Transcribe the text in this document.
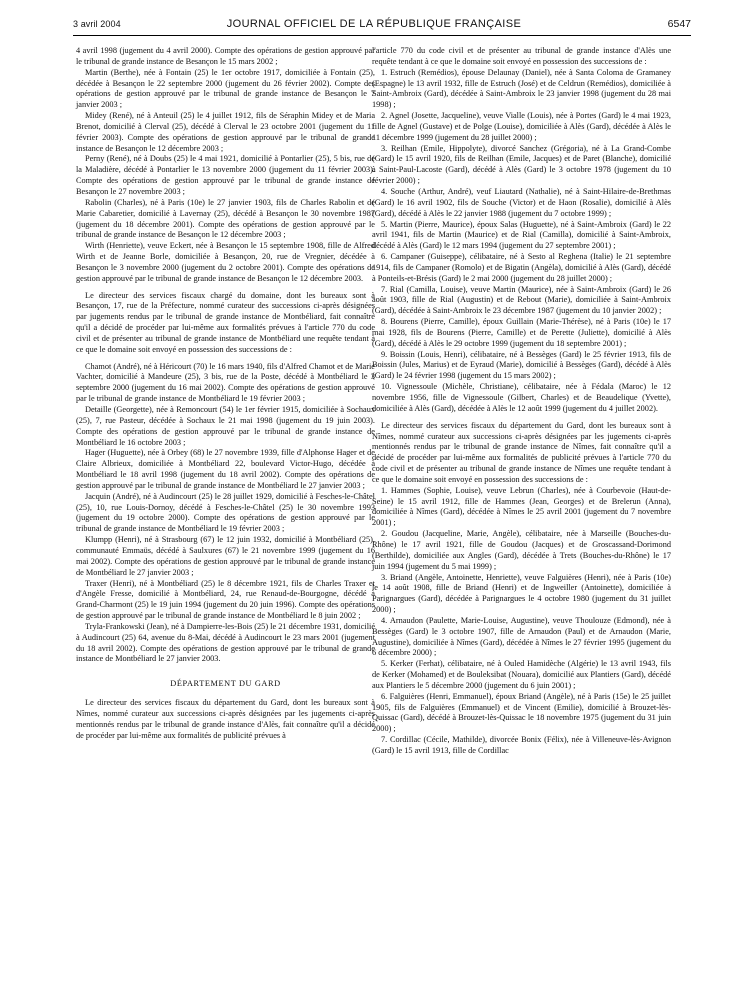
3 avril 2004	JOURNAL OFFICIEL DE LA RÉPUBLIQUE FRANÇAISE	6547

4 avril 1998 (jugement du 4 avril 2000). Compte des opérations de gestion approuvé par le tribunal de grande instance de Besançon le 15 mars 2002 ;

Martin (Berthe), née à Fontain (25) le 1er octobre 1917, domiciliée à Fontain (25), décédée à Besançon le 22 septembre 2000 (jugement du 26 février 2002). Compte des opérations de gestion approuvé par le tribunal de grande instance de Besançon le 7 janvier 2003 ;

Midey (René), né à Anteuil (25) le 4 juillet 1912, fils de Séraphin Midey et de Maria Brenot, domicilié à Clerval (25), décédé à Clerval le 23 octobre 2001 (jugement du 11 février 2003). Compte des opérations de gestion approuvé par le tribunal de grande instance de Besançon le 12 décembre 2003 ;

Perny (René), né à Doubs (25) le 4 mai 1921, domicilié à Pontarlier (25), 5 bis, rue de la Maladière, décédé à Pontarlier le 13 novembre 2000 (jugement du 11 février 2003). Compte des opérations de gestion approuvé par le tribunal de grande instance de Besançon le 27 novembre 2003 ;

Rabolin (Charles), né à Paris (10e) le 27 janvier 1903, fils de Charles Rabolin et de Marie Cabaretier, domicilié à Lavernay (25), décédé à Besançon le 30 novembre 1987 (jugement du 18 décembre 2001). Compte des opérations de gestion approuvé par le tribunal de grande instance de Besançon le 12 décembre 2003 ;

Wirth (Henriette), veuve Eckert, née à Besançon le 15 septembre 1908, fille de Alfred Wirth et de Jeanne Borle, domiciliée à Besançon, 20, rue de Vregnier, décédée à Besançon le 3 novembre 2000 (jugement du 2 octobre 2001). Compte des opérations de gestion approuvé par le tribunal de grande instance de Besançon le 12 décembre 2003.

Le directeur des services fiscaux chargé du domaine, dont les bureaux sont à Besançon, 17, rue de la Préfecture, nommé curateur des successions ci-après désignées par jugements rendus par le tribunal de grande instance de Montbéliard, fait connaître qu'il a décidé de procéder par lui-même aux formalités prévues à l'article 770 du code civil et de présenter au tribunal de grande instance de Montbéliard une requête tendant à ce que le domaine soit envoyé en possession des successions de :

Chamot (André), né à Héricourt (70) le 16 mars 1940, fils d'Alfred Chamot et de Marie Vachter, domicilié à Mandeure (25), 3 bis, rue de la Poste, décédé à Montbéliard le 3 septembre 2000 (jugement du 16 mai 2002). Compte des opérations de gestion approuvé par le tribunal de grande instance de Montbéliard le 19 février 2003 ;

Detaille (Georgette), née à Remoncourt (54) le 1er février 1915, domiciliée à Sochaux (25), 7, rue Pasteur, décédée à Sochaux le 21 mai 1998 (jugement du 19 juin 2003). Compte des opérations de gestion approuvé par le tribunal de grande instance de Montbéliard le 16 octobre 2003 ;

Hager (Huguette), née à Orbey (68) le 27 novembre 1939, fille d'Alphonse Hager et de Claire Albrieux, domiciliée à Montbéliard 22, boulevard Victor-Hugo, décédée à Montbéliard le 18 avril 1998 (jugement du 18 avril 2002). Compte des opérations de gestion approuvé par le tribunal de grande instance de Montbéliard le 27 janvier 2003 ;

Jacquin (André), né à Audincourt (25) le 28 juillet 1929, domicilié à Fesches-le-Châtel (25), 10, rue Louis-Dornoy, décédé à Fesches-le-Châtel (25) le 30 novembre 1993 (jugement du 19 octobre 2000). Compte des opérations de gestion approuvé par le tribunal de grande instance de Montbéliard le 19 février 2003 ;

Klumpp (Henri), né à Strasbourg (67) le 12 juin 1932, domicilié à Montbéliard (25), communauté Emmaüs, décédé à Saulxures (67) le 21 novembre 1999 (jugement du 16 mai 2002). Compte des opérations de gestion approuvé par le tribunal de grande instance de Montbéliard le 27 janvier 2003 ;

Traxer (Henri), né à Montbéliard (25) le 8 décembre 1921, fils de Charles Traxer et d'Angèle Fresse, domicilié à Montbéliard, 24, rue Renaud-de-Bourgogne, décédé à Grand-Charmont (25) le 19 juin 1994 (jugement du 20 juin 1996). Compte des opérations de gestion approuvé par le tribunal de grande instance de Montbéliard le 8 juin 2002 ;

Tryla-Frankowski (Jean), né à Dampierre-les-Bois (25) le 21 décembre 1931, domicilié à Audincourt (25) 64, avenue du 8-Mai, décédé à Audincourt le 23 mars 2001 (jugement du 18 avril 2002). Compte des opérations de gestion approuvé par le tribunal de grande instance de Montbéliard le 27 janvier 2003.

DÉPARTEMENT DU GARD

Le directeur des services fiscaux du département du Gard, dont les bureaux sont à Nîmes, nommé curateur aux successions ci-après désignées par les jugements ci-après mentionnés rendus par le tribunal de grande instance d'Alès, fait connaître qu'il a décidé de procéder par lui-même aux formalités de publicité prévues à

l'article 770 du code civil et de présenter au tribunal de grande instance d'Alès une requête tendant à ce que le domaine soit envoyé en possession des successions de :

1. Estruch (Remédios), épouse Delaunay (Daniel), née à Santa Coloma de Gramaney (Espagne) le 13 avril 1932, fille de Estruch (José) et de Celdrun (Remédios), domiciliée à Saint-Ambroix (Gard), décédée à Saint-Ambroix le 23 janvier 1998 (jugement du 28 mai 1998) ;

2. Agnel (Josette, Jacqueline), veuve Vialle (Louis), née à Portes (Gard) le 4 mai 1923, fille de Agnel (Gustave) et de Polge (Louise), domiciliée à Alès (Gard), décédée à Alès le 11 décembre 1999 (jugement du 28 juillet 2000) ;

3. Reilhan (Emile, Hippolyte), divorcé Sanchez (Grégoria), né à La Grand-Combe (Gard) le 15 avril 1920, fils de Reilhan (Emile, Jacques) et de Paret (Blanche), domicilié à Saint-Paul-Lacoste (Gard), décédé à Alès (Gard) le 3 octobre 1978 (jugement du 10 février 2000) ;

4. Souche (Arthur, André), veuf Liautard (Nathalie), né à Saint-Hilaire-de-Brethmas (Gard) le 16 avril 1902, fils de Souche (Victor) et de Haon (Rosalie), domicilié à Alès (Gard), décédé à Alès le 22 janvier 1988 (jugement du 7 octobre 1999) ;

5. Martin (Pierre, Maurice), époux Salas (Huguette), né à Saint-Ambroix (Gard) le 22 avril 1941, fils de Martin (Maurice) et de Rial (Camilla), domicilié à Saint-Ambroix, décédé à Alès (Gard) le 12 mars 1994 (jugement du 27 septembre 2001) ;

6. Campaner (Guiseppe), célibataire, né à Sesto al Reghena (Italie) le 21 septembre 1914, fils de Campaner (Romolo) et de Bigatin (Angèla), domicilié à Alès (Gard), décédé à Ponteils-et-Brésis (Gard) le 2 mai 2000 (jugement du 28 juillet 2000) ;

7. Rial (Camilla, Louise), veuve Martin (Maurice), née à Saint-Ambroix (Gard) le 26 août 1903, fille de Rial (Augustin) et de Rebout (Marie), domiciliée à Saint-Ambroix (Gard), décédée à Saint-Ambroix le 23 décembre 1987 (jugement du 10 janvier 2002) ;

8. Bourens (Pierre, Camille), époux Guillain (Marie-Thérèse), né à Paris (10e) le 17 mai 1928, fils de Bourens (Pierre, Camille) et de Perette (Juliette), domicilié à Alès (Gard), décédé à Alès le 29 octobre 1999 (jugement du 18 septembre 2001) ;

9. Boissin (Louis, Henri), célibataire, né à Bessèges (Gard) le 25 février 1913, fils de Boissin (Jules, Marius) et de Eyraud (Marie), domicilié à Bessèges (Gard), décédé à Alès (Gard) le 24 février 1998 (jugement du 15 mars 2002) ;

10. Vignessoule (Michèle, Christiane), célibataire, née à Fédala (Maroc) le 12 novembre 1956, fille de Vignessoule (Gilbert, Charles) et de Beaudelique (Yvette), domiciliée à Alès (Gard), décédée à Alès le 12 août 1999 (jugement du 4 juillet 2002).

Le directeur des services fiscaux du département du Gard, dont les bureaux sont à Nîmes, nommé curateur aux successions ci-après désignées par les jugements ci-après mentionnés rendus par le tribunal de grande instance de Nîmes, fait connaître qu'il a décidé de procéder par lui-même aux formalités de publicité prévues à l'article 770 du code civil et de présenter au tribunal de grande instance de Nîmes une requête tendant à ce que le domaine soit envoyé en possession des successions de :

1. Hammes (Sophie, Louise), veuve Lebrun (Charles), née à Courbevoie (Haut-de-Seine) le 15 avril 1912, fille de Hammes (Jean, Georges) et de Brelerun (Anna), domiciliée à Nîmes (Gard), décédée à Nîmes le 25 avril 2001 (jugement du 7 novembre 2001) ;

2. Goudou (Jacqueline, Marie, Angèle), célibataire, née à Marseille (Bouches-du-Rhône) le 17 avril 1921, fille de Goudou (Jacques) et de Groscassand-Dorimond (Berthilde), domiciliée aux Angles (Gard), décédée à Trets (Bouches-du-Rhône) le 17 juin 1994 (jugement du 5 mai 1999) ;

3. Briand (Angèle, Antoinette, Henriette), veuve Falguières (Henri), née à Paris (10e) le 14 août 1908, fille de Briand (Henri) et de Ingweiller (Antoinette), domiciliée à Parignargues (Gard), décédée à Parignargues le 4 octobre 1980 (jugement du 31 juillet 2000) ;

4. Arnaudon (Paulette, Marie-Louise, Augustine), veuve Thoulouze (Edmond), née à Bessèges (Gard) le 3 octobre 1907, fille de Arnaudon (Paul) et de Arnaudon (Marie, Augustine), domiciliée à Nîmes (Gard), décédée à Nîmes le 27 février 1995 (jugement du 6 décembre 2000) ;

5. Kerker (Ferhat), célibataire, né à Ouled Hamidèche (Algérie) le 13 avril 1943, fils de Kerker (Mohamed) et de Bouleksibat (Nouara), domicilié aux Plantiers (Gard), décédé aux Plantiers le 5 décembre 2000 (jugement du 6 juin 2001) ;

6. Falguières (Henri, Emmanuel), époux Briand (Angèle), né à Paris (15e) le 25 juillet 1905, fils de Falguières (Emmanuel) et de Vincent (Emilie), domicilié à Brouzet-lès-Quissac (Gard), décédé à Brouzet-lès-Quissac le 18 novembre 1975 (jugement du 31 juin 2000) ;

7. Cordillac (Cécile, Mathilde), divorcée Bonix (Félix), née à Villeneuve-lès-Avignon (Gard) le 15 avril 1913, fille de Cordillac
